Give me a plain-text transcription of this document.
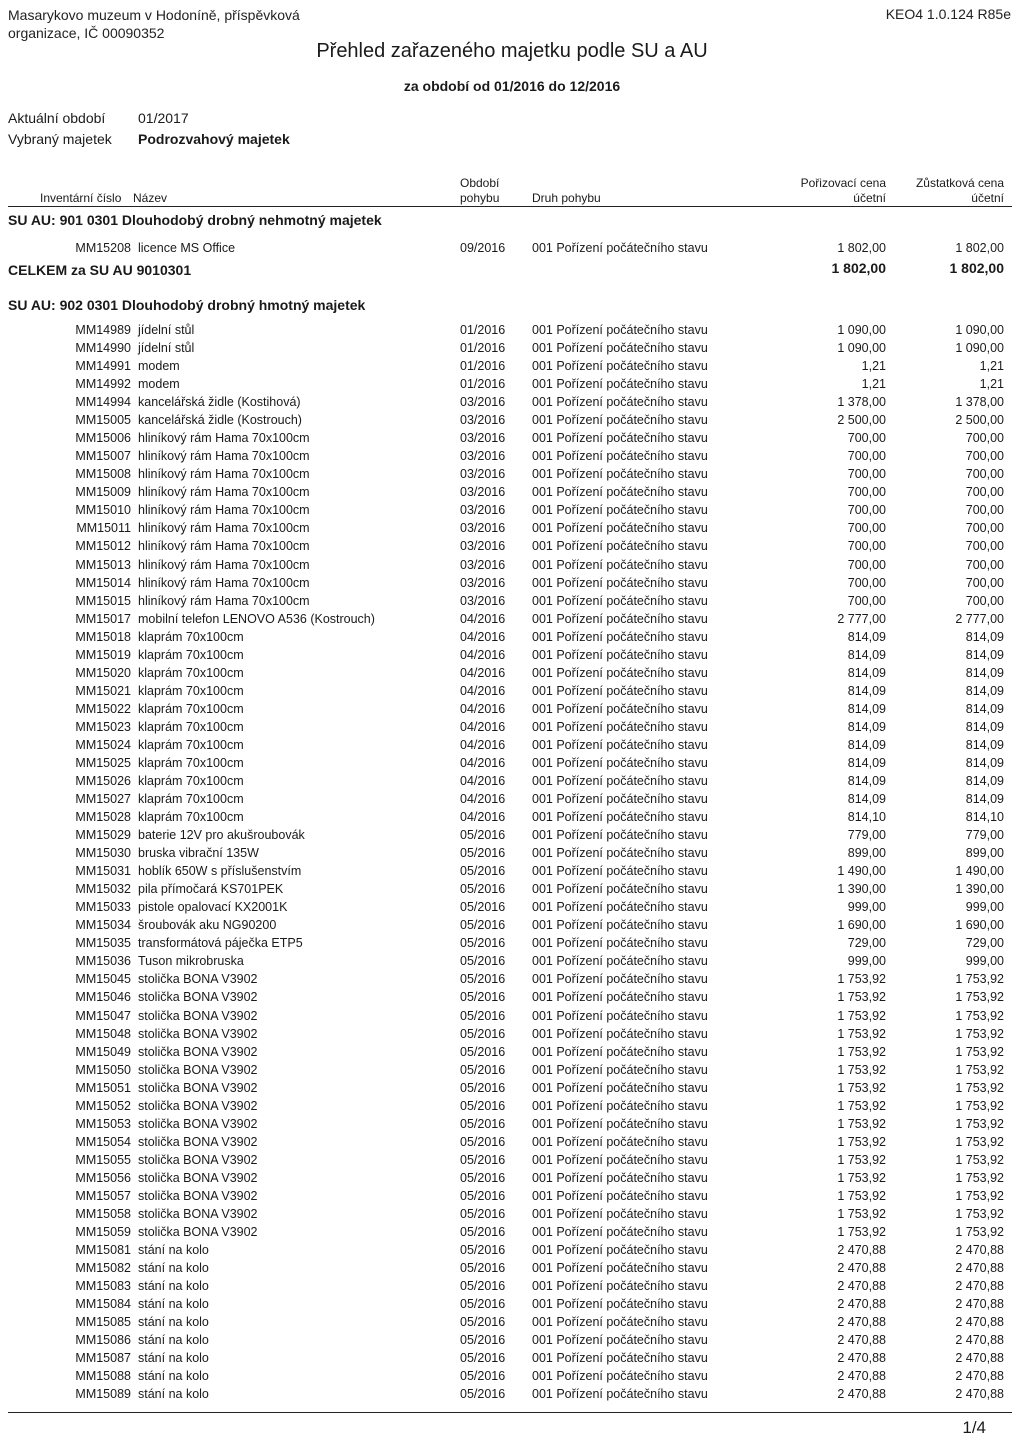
Masarykovo muzeum v Hodoníně, příspěvková
organizace, IČ 00090352
KEO4 1.0.124 R85e
Přehled zařazeného majetku podle SU a AU
za období od 01/2016 do 12/2016
Aktuální období 01/2017
Vybraný majetek Podrozvahový majetek
Inventární číslo Název
Období
pohybu	Druh pohybu
Pořizovací cena
účetní
Zůstatková cena
účetní
SU AU: 901 0301 Dlouhodobý drobný nehmotný majetek
MM15208 licence MS Office	09/2016 001 Pořízení počátečního stavu	1 802,00	1 802,00
CELKEM za SU AU 9010301	1 802,00	1 802,00
SU AU: 902 0301 Dlouhodobý drobný hmotný majetek
MM14989 jídelní stůl	01/2016 001 Pořízení počátečního stavu	1 090,00	1 090,00
MM14990 jídelní stůl	01/2016 001 Pořízení počátečního stavu	1 090,00	1 090,00
MM14991 modem	01/2016 001 Pořízení počátečního stavu	1,21	1,21
MM14992 modem	01/2016 001 Pořízení počátečního stavu	1,21	1,21
MM14994 kancelářská židle (Kostihová)	03/2016 001 Pořízení počátečního stavu	1 378,00	1 378,00
MM15005 kancelářská židle (Kostrouch)	03/2016 001 Pořízení počátečního stavu	2 500,00	2 500,00
MM15006 hliníkový rám Hama 70x100cm	03/2016 001 Pořízení počátečního stavu	700,00	700,00
MM15007 hliníkový rám Hama 70x100cm	03/2016 001 Pořízení počátečního stavu	700,00	700,00
MM15008 hliníkový rám Hama 70x100cm	03/2016 001 Pořízení počátečního stavu	700,00	700,00
MM15009 hliníkový rám Hama 70x100cm	03/2016 001 Pořízení počátečního stavu	700,00	700,00
MM15010 hliníkový rám Hama 70x100cm	03/2016 001 Pořízení počátečního stavu	700,00	700,00
MM15011 hliníkový rám Hama 70x100cm	03/2016 001 Pořízení počátečního stavu	700,00	700,00
MM15012 hliníkový rám Hama 70x100cm	03/2016 001 Pořízení počátečního stavu	700,00	700,00
MM15013 hliníkový rám Hama 70x100cm	03/2016 001 Pořízení počátečního stavu	700,00	700,00
MM15014 hliníkový rám Hama 70x100cm	03/2016 001 Pořízení počátečního stavu	700,00	700,00
MM15015 hliníkový rám Hama 70x100cm	03/2016 001 Pořízení počátečního stavu	700,00	700,00
MM15017 mobilní telefon LENOVO A536 (Kostrouch)	04/2016 001 Pořízení počátečního stavu	2 777,00	2 777,00
MM15018 klaprám 70x100cm	04/2016 001 Pořízení počátečního stavu	814,09	814,09
MM15019 klaprám 70x100cm	04/2016 001 Pořízení počátečního stavu	814,09	814,09
MM15020 klaprám 70x100cm	04/2016 001 Pořízení počátečního stavu	814,09	814,09
MM15021 klaprám 70x100cm	04/2016 001 Pořízení počátečního stavu	814,09	814,09
MM15022 klaprám 70x100cm	04/2016 001 Pořízení počátečního stavu	814,09	814,09
MM15023 klaprám 70x100cm	04/2016 001 Pořízení počátečního stavu	814,09	814,09
MM15024 klaprám 70x100cm	04/2016 001 Pořízení počátečního stavu	814,09	814,09
MM15025 klaprám 70x100cm	04/2016 001 Pořízení počátečního stavu	814,09	814,09
MM15026 klaprám 70x100cm	04/2016 001 Pořízení počátečního stavu	814,09	814,09
MM15027 klaprám 70x100cm	04/2016 001 Pořízení počátečního stavu	814,09	814,09
MM15028 klaprám 70x100cm	04/2016 001 Pořízení počátečního stavu	814,10	814,10
MM15029 baterie 12V pro akušroubovák	05/2016 001 Pořízení počátečního stavu	779,00	779,00
MM15030 bruska vibrační 135W	05/2016 001 Pořízení počátečního stavu	899,00	899,00
MM15031 hoblík 650W s příslušenstvím	05/2016 001 Pořízení počátečního stavu	1 490,00	1 490,00
MM15032 pila přímočará KS701PEK	05/2016 001 Pořízení počátečního stavu	1 390,00	1 390,00
MM15033 pistole opalovací KX2001K	05/2016 001 Pořízení počátečního stavu	999,00	999,00
MM15034 šroubovák aku NG90200	05/2016 001 Pořízení počátečního stavu	1 690,00	1 690,00
MM15035 transformátová páječka ETP5	05/2016 001 Pořízení počátečního stavu	729,00	729,00
MM15036 Tuson mikrobruska	05/2016 001 Pořízení počátečního stavu	999,00	999,00
MM15045 stolička BONA V3902	05/2016 001 Pořízení počátečního stavu	1 753,92	1 753,92
MM15046 stolička BONA V3902	05/2016 001 Pořízení počátečního stavu	1 753,92	1 753,92
MM15047 stolička BONA V3902	05/2016 001 Pořízení počátečního stavu	1 753,92	1 753,92
MM15048 stolička BONA V3902	05/2016 001 Pořízení počátečního stavu	1 753,92	1 753,92
MM15049 stolička BONA V3902	05/2016 001 Pořízení počátečního stavu	1 753,92	1 753,92
MM15050 stolička BONA V3902	05/2016 001 Pořízení počátečního stavu	1 753,92	1 753,92
MM15051 stolička BONA V3902	05/2016 001 Pořízení počátečního stavu	1 753,92	1 753,92
MM15052 stolička BONA V3902	05/2016 001 Pořízení počátečního stavu	1 753,92	1 753,92
MM15053 stolička BONA V3902	05/2016 001 Pořízení počátečního stavu	1 753,92	1 753,92
MM15054 stolička BONA V3902	05/2016 001 Pořízení počátečního stavu	1 753,92	1 753,92
MM15055 stolička BONA V3902	05/2016 001 Pořízení počátečního stavu	1 753,92	1 753,92
MM15056 stolička BONA V3902	05/2016 001 Pořízení počátečního stavu	1 753,92	1 753,92
MM15057 stolička BONA V3902	05/2016 001 Pořízení počátečního stavu	1 753,92	1 753,92
MM15058 stolička BONA V3902	05/2016 001 Pořízení počátečního stavu	1 753,92	1 753,92
MM15059 stolička BONA V3902	05/2016 001 Pořízení počátečního stavu	1 753,92	1 753,92
MM15081 stání na kolo	05/2016 001 Pořízení počátečního stavu	2 470,88	2 470,88
MM15082 stání na kolo	05/2016 001 Pořízení počátečního stavu	2 470,88	2 470,88
MM15083 stání na kolo	05/2016 001 Pořízení počátečního stavu	2 470,88	2 470,88
MM15084 stání na kolo	05/2016 001 Pořízení počátečního stavu	2 470,88	2 470,88
MM15085 stání na kolo	05/2016 001 Pořízení počátečního stavu	2 470,88	2 470,88
MM15086 stání na kolo	05/2016 001 Pořízení počátečního stavu	2 470,88	2 470,88
MM15087 stání na kolo	05/2016 001 Pořízení počátečního stavu	2 470,88	2 470,88
MM15088 stání na kolo	05/2016 001 Pořízení počátečního stavu	2 470,88	2 470,88
MM15089 stání na kolo	05/2016 001 Pořízení počátečního stavu	2 470,88	2 470,88
1/4
